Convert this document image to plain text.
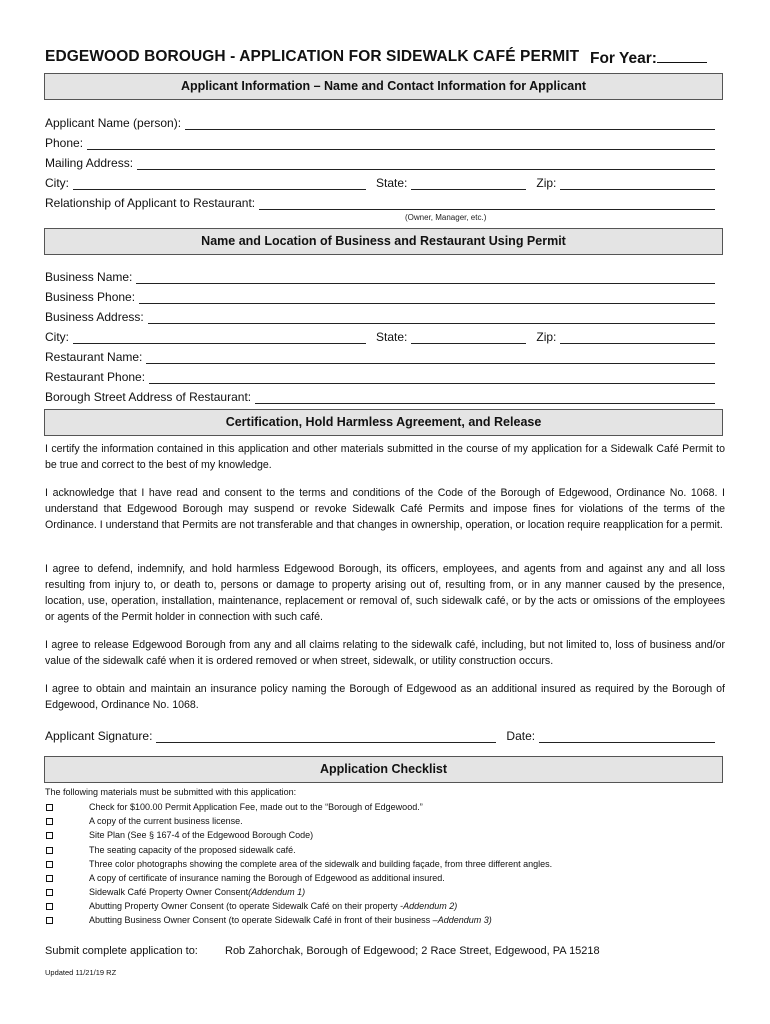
EDGEWOOD BOROUGH - APPLICATION FOR SIDEWALK CAFÉ PERMIT For Year:
Applicant Information – Name and Contact Information for Applicant
Applicant Name (person):
Phone:
Mailing Address:
City:	State:	Zip:
Relationship of Applicant to Restaurant:
(Owner, Manager, etc.)
Name and Location of Business and Restaurant Using Permit
Business Name:
Business Phone:
Business Address:
City:	State:	Zip:
Restaurant Name:
Restaurant Phone:
Borough Street Address of Restaurant:
Certification, Hold Harmless Agreement, and Release

I certify the information contained in this application and other materials submitted in the course of my application for a Sidewalk Café Permit to be true and correct to the best of my knowledge.

I acknowledge that I have read and consent to the terms and conditions of the Code of the Borough of Edgewood, Ordinance No. 1068. I understand that Edgewood Borough may suspend or revoke Sidewalk Café Permits and impose fines for violations of the terms of the Ordinance. I understand that Permits are not transferable and that changes in ownership, operation, or location require reapplication for a permit.

I agree to defend, indemnify, and hold harmless Edgewood Borough, its officers, employees, and agents from and against any and all loss resulting from injury to, or death to, persons or damage to property arising out of, resulting from, or in any manner caused by the presence, location, use, operation, installation, maintenance, replacement or removal of, such sidewalk café, or by the acts or omissions of the employees or agents of the Permit holder in connection with such café.

I agree to release Edgewood Borough from any and all claims relating to the sidewalk café, including, but not limited to, loss of business and/or value of the sidewalk café when it is ordered removed or when street, sidewalk, or utility construction occurs.

I agree to obtain and maintain an insurance policy naming the Borough of Edgewood as an additional insured as required by the Borough of Edgewood, Ordinance No. 1068.

Applicant Signature:	Date:
Application Checklist
The following materials must be submitted with this application:
Check for $100.00 Permit Application Fee, made out to the “Borough of Edgewood.”
A copy of the current business license.
Site Plan (See § 167-4 of the Edgewood Borough Code)
The seating capacity of the proposed sidewalk café.
Three color photographs showing the complete area of the sidewalk and building façade, from three different angles.
A copy of certificate of insurance naming the Borough of Edgewood as additional insured.
Sidewalk Café Property Owner Consent (Addendum 1)
Abutting Property Owner Consent (to operate Sidewalk Café on their property - Addendum 2)
Abutting Business Owner Consent (to operate Sidewalk Café in front of their business – Addendum 3)
Submit complete application to: Rob Zahorchak, Borough of Edgewood; 2 Race Street, Edgewood, PA 15218
Updated 11/21/19 RZ
